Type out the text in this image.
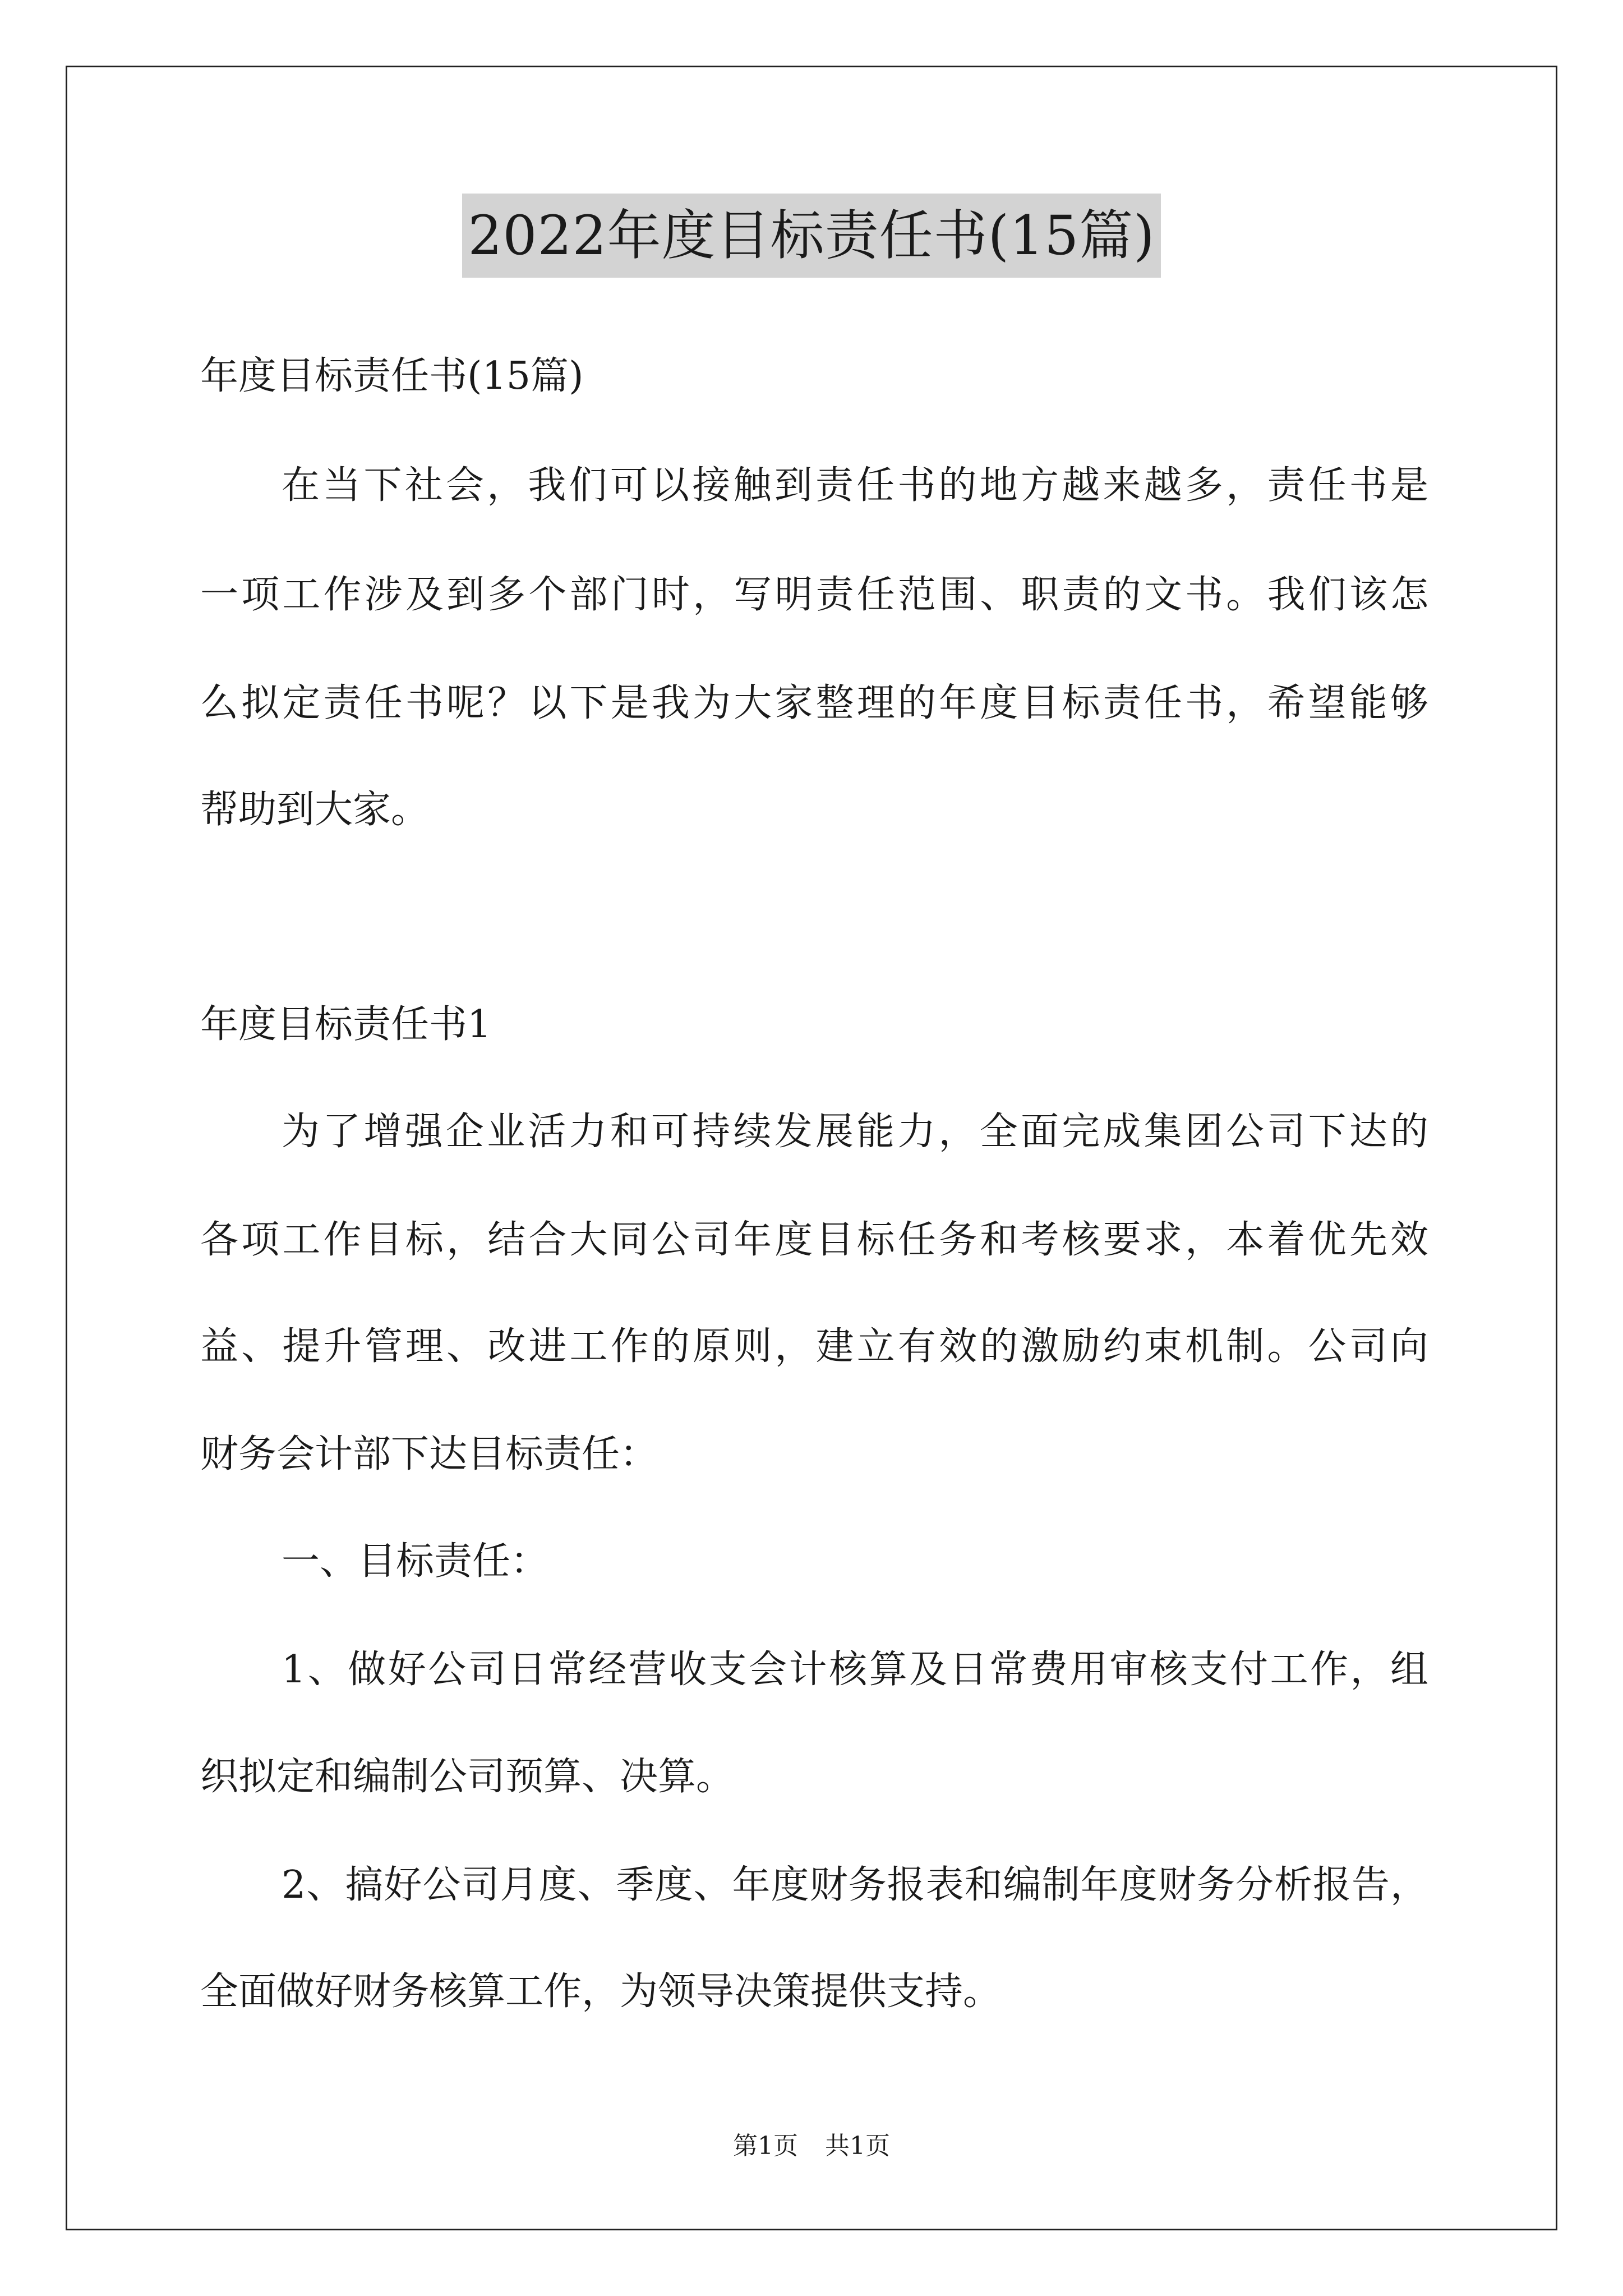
2022年度目标责任书(15篇)
年度目标责任书(15篇)
在当下社会，我们可以接触到责任书的地方越来越多，责任书是
一项工作涉及到多个部门时，写明责任范围、职责的文书。我们该怎
么拟定责任书呢？以下是我为大家整理的年度目标责任书，希望能够
帮助到大家。
年度目标责任书1
为了增强企业活力和可持续发展能力，全面完成集团公司下达的
各项工作目标，结合大同公司年度目标任务和考核要求，本着优先效
益、提升管理、改进工作的原则，建立有效的激励约束机制。公司向
财务会计部下达目标责任：
一、目标责任：
1、做好公司日常经营收支会计核算及日常费用审核支付工作，组
织拟定和编制公司预算、决算。
2、搞好公司月度、季度、年度财务报表和编制年度财务分析报告，
全面做好财务核算工作，为领导决策提供支持。
第1页 共1页
